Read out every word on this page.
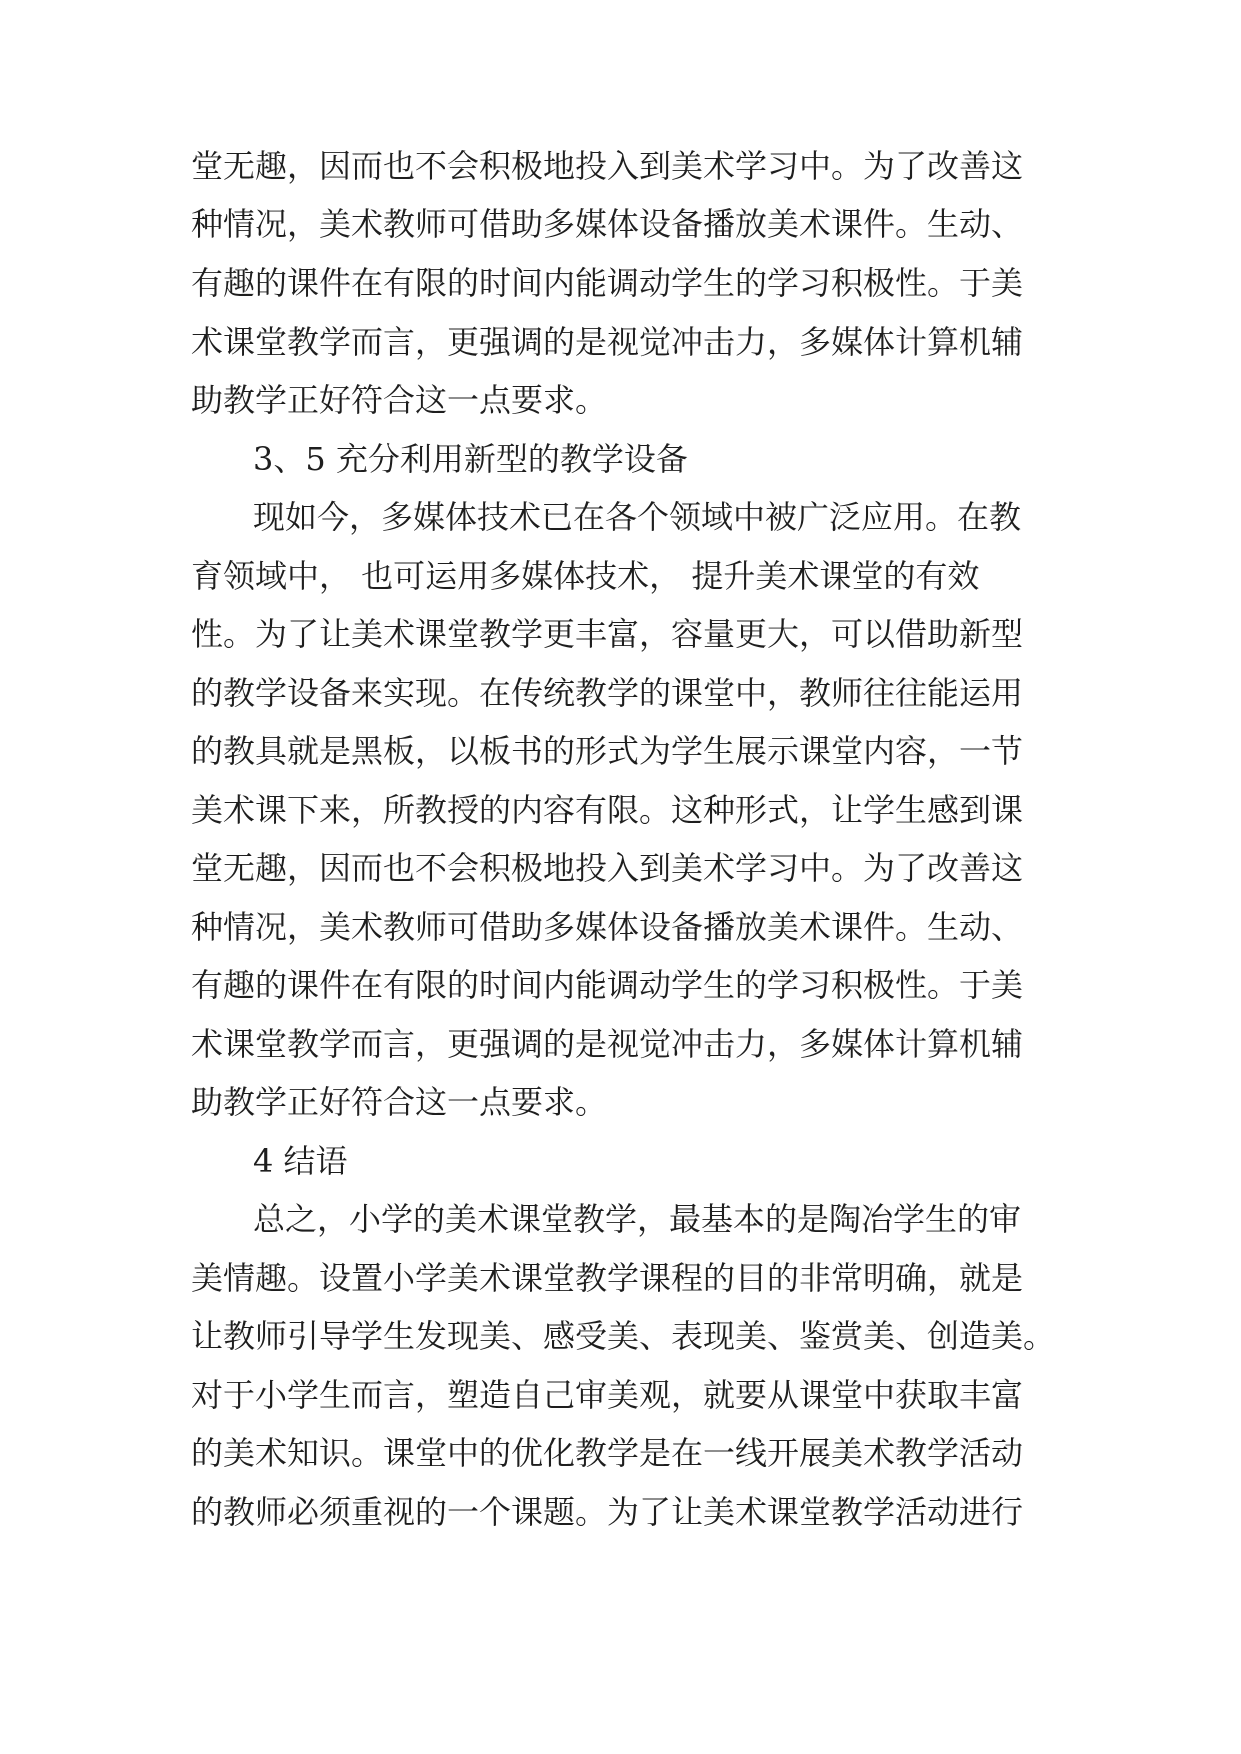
堂无趣，因而也不会积极地投入到美术学习中。为了改善这
种情况，美术教师可借助多媒体设备播放美术课件。生动、
有趣的课件在有限的时间内能调动学生的学习积极性。于美
术课堂教学而言，更强调的是视觉冲击力，多媒体计算机辅
助教学正好符合这一点要求。
3、5 充分利用新型的教学设备
现如今，多媒体技术已在各个领域中被广泛应用。在教
育领域中， 也可运用多媒体技术， 提升美术课堂的有效
性。为了让美术课堂教学更丰富，容量更大，可以借助新型
的教学设备来实现。在传统教学的课堂中，教师往往能运用
的教具就是黑板，以板书的形式为学生展示课堂内容，一节
美术课下来，所教授的内容有限。这种形式，让学生感到课
堂无趣，因而也不会积极地投入到美术学习中。为了改善这
种情况，美术教师可借助多媒体设备播放美术课件。生动、
有趣的课件在有限的时间内能调动学生的学习积极性。于美
术课堂教学而言，更强调的是视觉冲击力，多媒体计算机辅
助教学正好符合这一点要求。
4 结语
总之，小学的美术课堂教学，最基本的是陶冶学生的审
美情趣。设置小学美术课堂教学课程的目的非常明确，就是
让教师引导学生发现美、感受美、表现美、鉴赏美、创造美。
对于小学生而言，塑造自己审美观，就要从课堂中获取丰富
的美术知识。课堂中的优化教学是在一线开展美术教学活动
的教师必须重视的一个课题。为了让美术课堂教学活动进行
